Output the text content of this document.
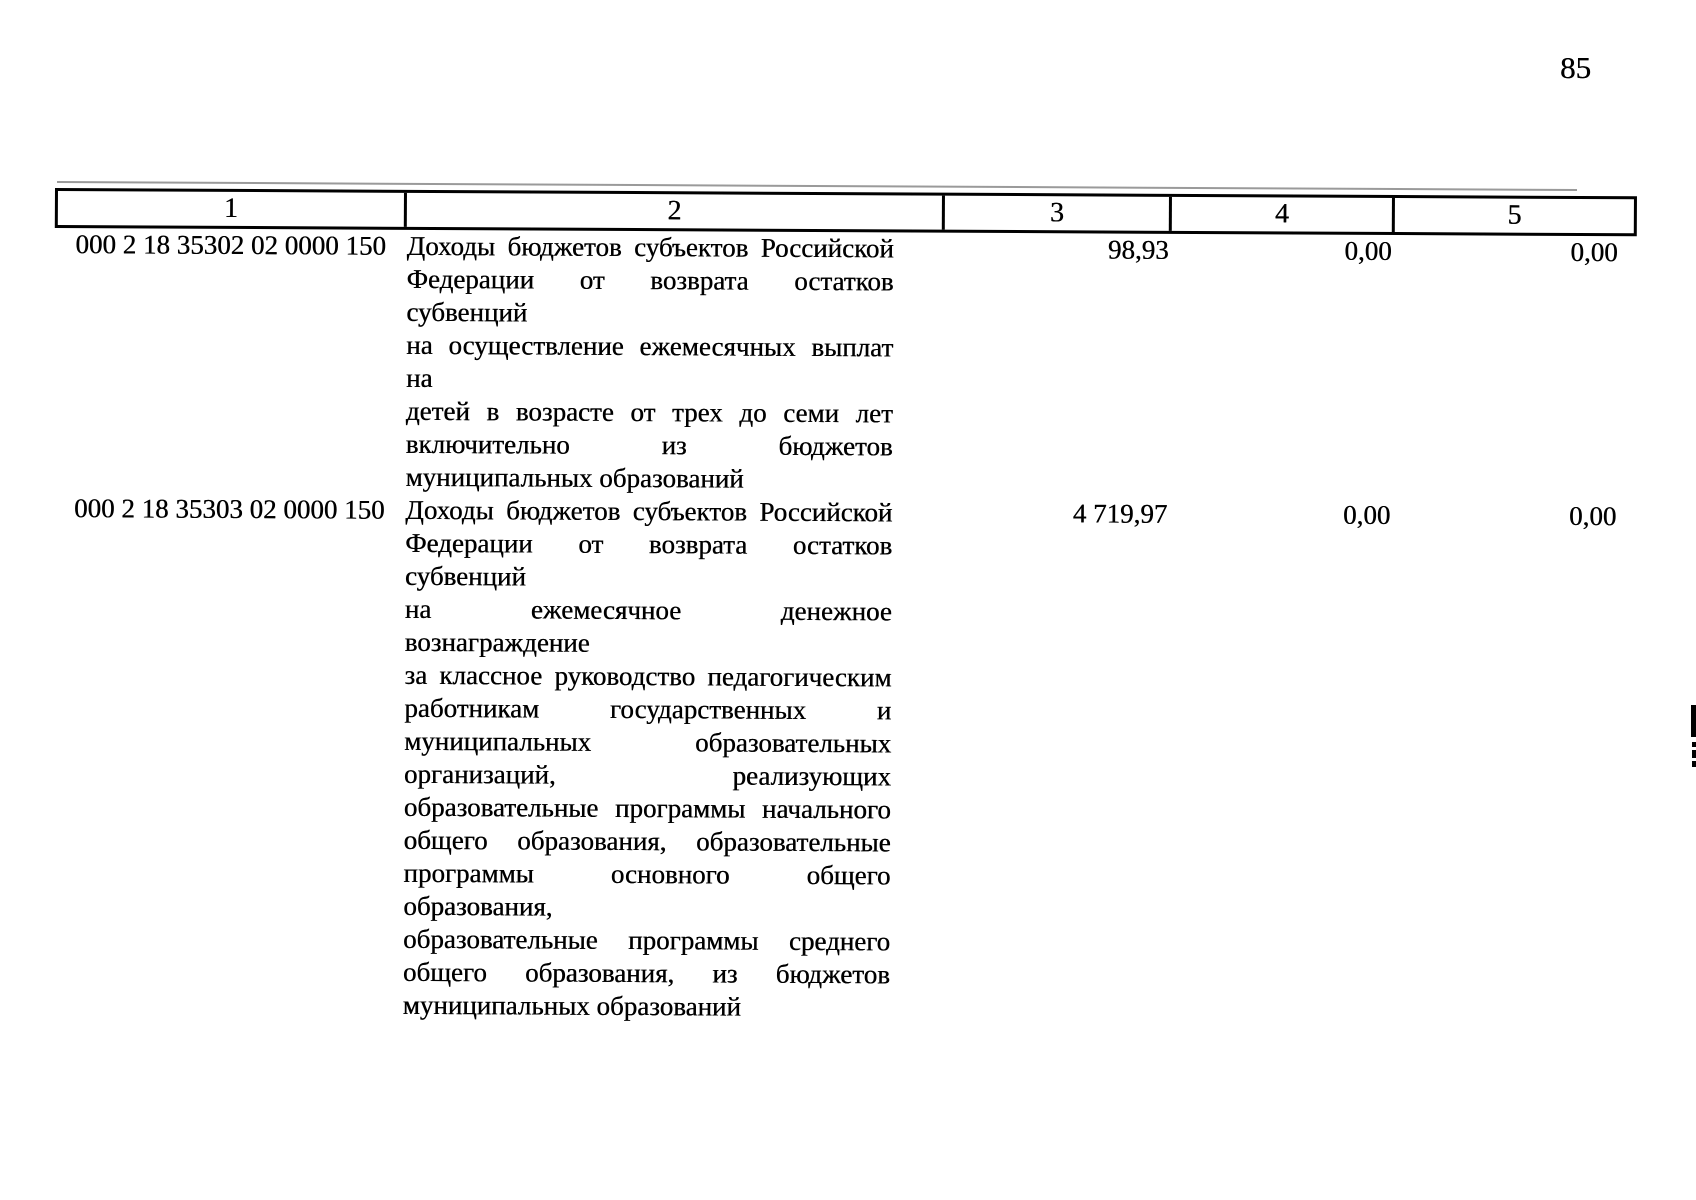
85
1	2	3	4	5
000 2 18 35302 02 0000 150 Доходы бюджетов субъектов Российской
Федерации от возврата остатков субвенций
на осуществление ежемесячных выплат на
детей в возрасте от трех до семи лет
включительно из бюджетов
муниципальных образований
98,93	0,00	0,00
000 2 18 35303 02 0000 150 Доходы бюджетов субъектов Российской
Федерации от возврата остатков субвенций
на ежемесячное денежное вознаграждение
за классное руководство педагогическим
работникам государственных и
муниципальных образовательных
организаций, реализующих
образовательные программы начального
общего образования, образовательные
программы основного общего образования,
образовательные программы среднего
общего образования, из бюджетов
муниципальных образований
4 719,97	0,00	0,00
